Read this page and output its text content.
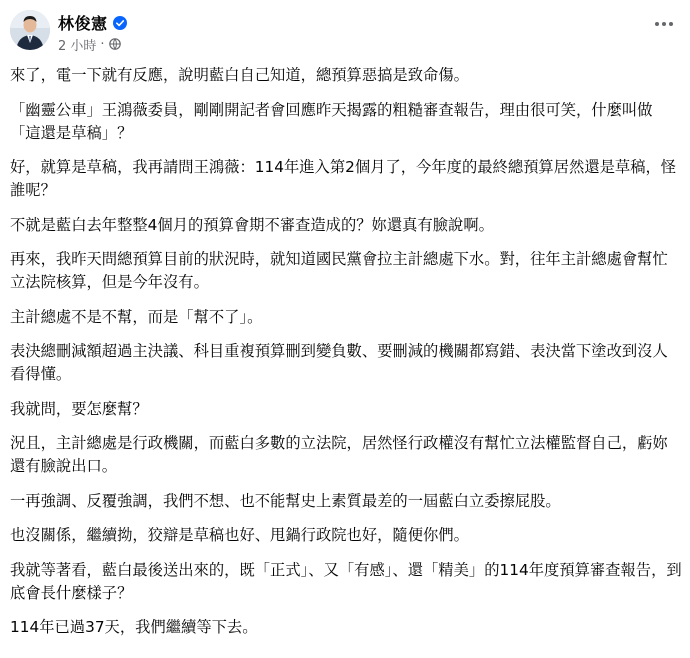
林俊憲
2 小時 ·

來了，電一下就有反應，說明藍白自己知道，總預算惡搞是致命傷。

「幽靈公車」王鴻薇委員，剛剛開記者會回應昨天揭露的粗糙審查報告，理由很可笑，什麼叫做「這還是草稿」？

好，就算是草稿，我再請問王鴻薇：114年進入第2個月了，今年度的最終總預算居然還是草稿，怪誰呢？

不就是藍白去年整整4個月的預算會期不審查造成的？妳還真有臉說啊。

再來，我昨天問總預算目前的狀況時，就知道國民黨會拉主計總處下水。對，往年主計總處會幫忙立法院核算，但是今年沒有。

主計總處不是不幫，而是「幫不了」。

表決總刪減額超過主決議、科目重複預算刪到變負數、要刪減的機關都寫錯、表決當下塗改到沒人看得懂。

我就問，要怎麼幫？

況且，主計總處是行政機關，而藍白多數的立法院，居然怪行政權沒有幫忙立法權監督自己，虧妳還有臉說出口。

一再強調、反覆強調，我們不想、也不能幫史上素質最差的一屆藍白立委擦屁股。

也沒關係，繼續拗，狡辯是草稿也好、甩鍋行政院也好，隨便你們。

我就等著看，藍白最後送出來的，既「正式」、又「有感」、還「精美」的114年度預算審查報告，到底會長什麼樣子？

114年已過37天，我們繼續等下去。
